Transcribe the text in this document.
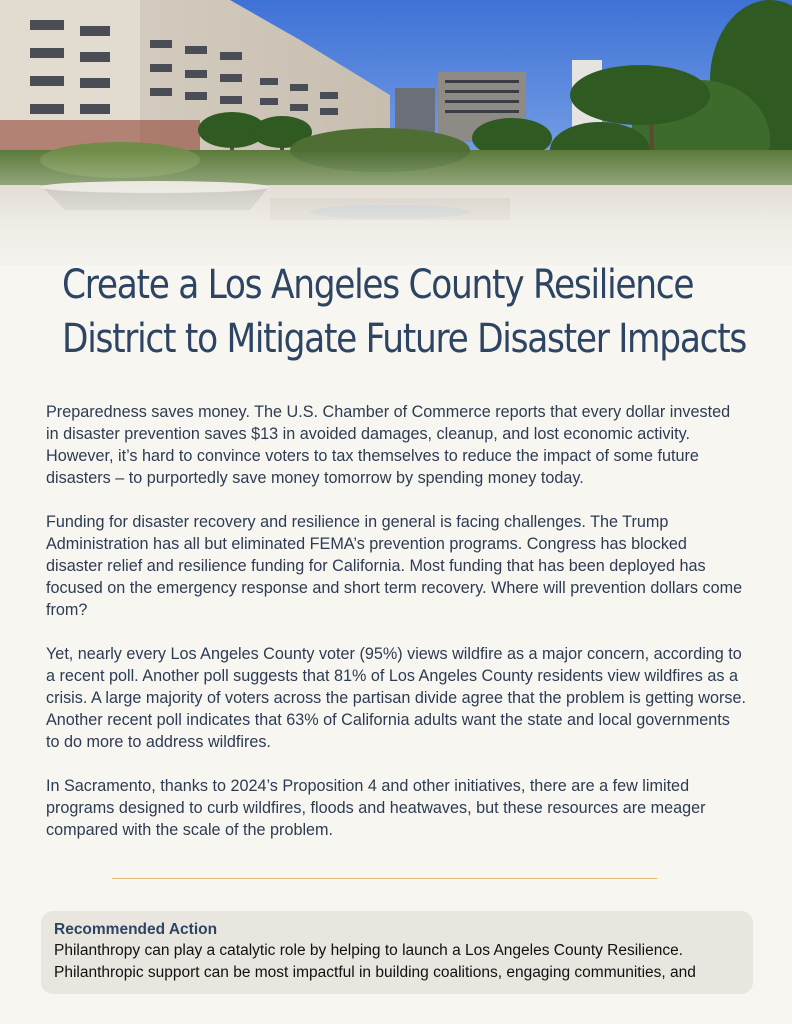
Create a Los Angeles County Resilience
District to Mitigate Future Disaster Impacts

Preparedness saves money. The U.S. Chamber of Commerce reports that every dollar invested in disaster prevention saves $13 in avoided damages, cleanup, and lost economic activity. However, it’s hard to convince voters to tax themselves to reduce the impact of some future disasters – to purportedly save money tomorrow by spending money today.

Funding for disaster recovery and resilience in general is facing challenges. The Trump Administration has all but eliminated FEMA’s prevention programs. Congress has blocked disaster relief and resilience funding for California. Most funding that has been deployed has focused on the emergency response and short term recovery. Where will prevention dollars come from?

Yet, nearly every Los Angeles County voter (95%) views wildfire as a major concern, according to a recent poll. Another poll suggests that 81% of Los Angeles County residents view wildfires as a crisis. A large majority of voters across the partisan divide agree that the problem is getting worse. Another recent poll indicates that 63% of California adults want the state and local governments to do more to address wildfires.

In Sacramento, thanks to 2024’s Proposition 4 and other initiatives, there are a few limited programs designed to curb wildfires, floods and heatwaves, but these resources are meager compared with the scale of the problem.

Recommended Action
Philanthropy can play a catalytic role by helping to launch a Los Angeles County Resilience.
Philanthropic support can be most impactful in building coalitions, engaging communities, and
